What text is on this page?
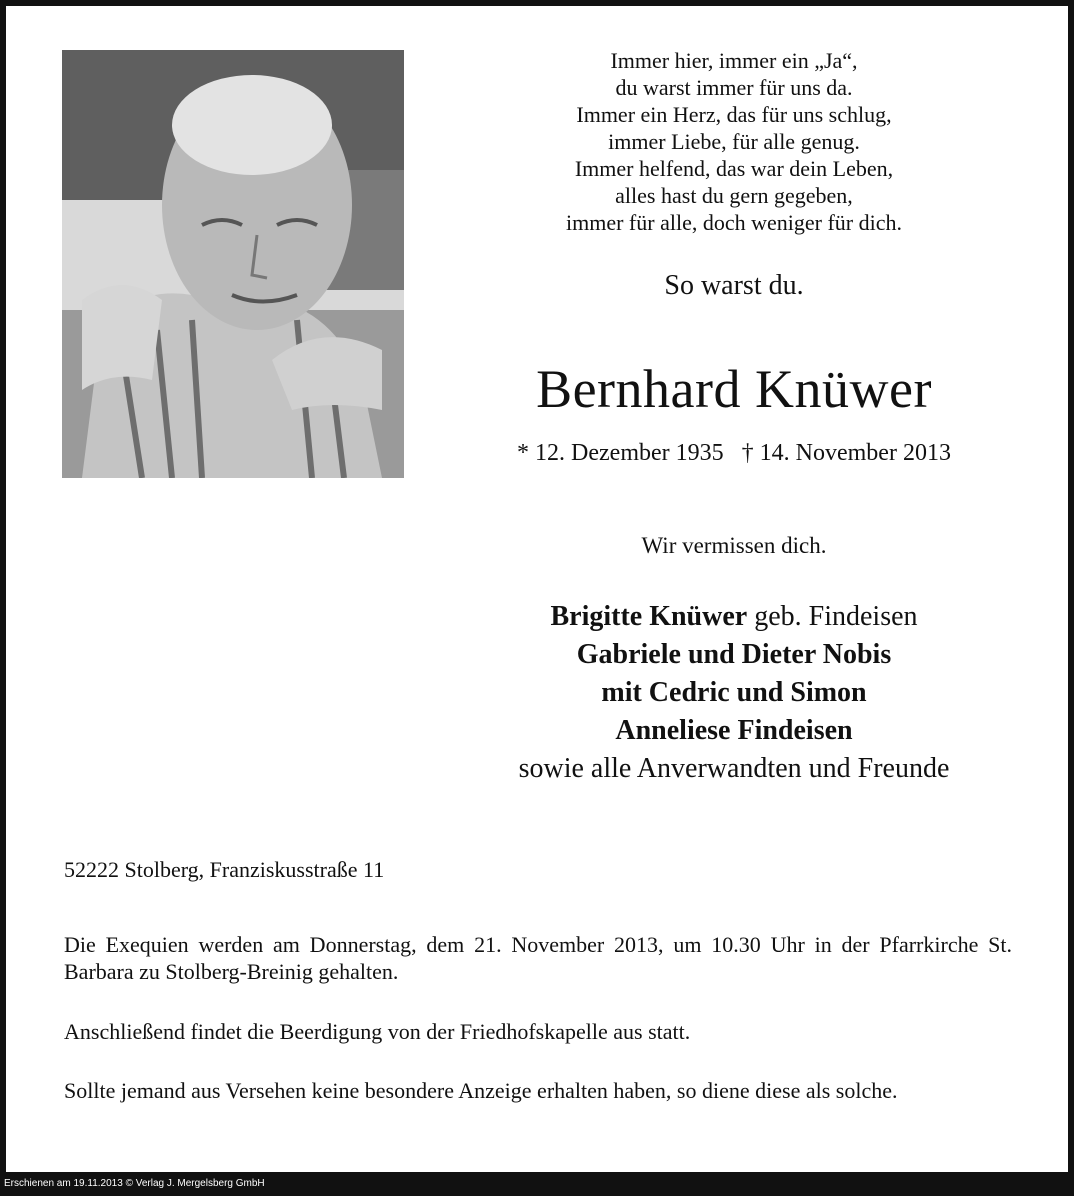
Immer hier, immer ein „Ja“,
du warst immer für uns da.
Immer ein Herz, das für uns schlug,
immer Liebe, für alle genug.
Immer helfend, das war dein Leben,
alles hast du gern gegeben,
immer für alle, doch weniger für dich.
So warst du.
Bernhard Knüwer
* 12. Dezember 1935   † 14. November 2013
Wir vermissen dich.
Brigitte Knüwer geb. Findeisen
Gabriele und Dieter Nobis
mit Cedric und Simon
Anneliese Findeisen
sowie alle Anverwandten und Freunde
52222 Stolberg, Franziskusstraße 11
Die Exequien werden am Donnerstag, dem 21. November 2013, um 10.30 Uhr in der Pfarrkirche St. Barbara zu Stolberg-Breinig gehalten.
Anschließend findet die Beerdigung von der Friedhofskapelle aus statt.
Sollte jemand aus Versehen keine besondere Anzeige erhalten haben, so diene diese als solche.
Erschienen am 19.11.2013 © Verlag J. Mergelsberg GmbH
